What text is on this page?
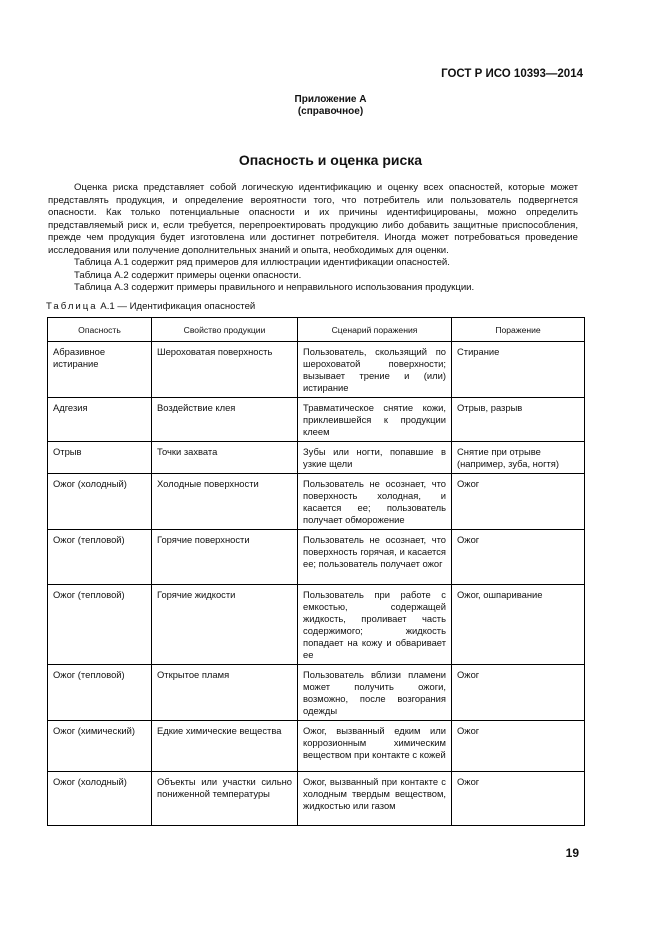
ГОСТ Р ИСО 10393—2014
Приложение А
(справочное)
Опасность и оценка риска

Оценка риска представляет собой логическую идентификацию и оценку всех опасностей, которые может представлять продукция, и определение вероятности того, что потребитель или пользователь подвергнется опасности. Как только потенциальные опасности и их причины идентифицированы, можно определить представляемый риск и, если требуется, перепроектировать продукцию либо добавить защитные приспособления, прежде чем продукция будет изготовлена или достигнет потребителя. Иногда может потребоваться проведение исследования или получение дополнительных знаний и опыта, необходимых для оценки.

Таблица А.1 содержит ряд примеров для иллюстрации идентификации опасностей.

Таблица А.2 содержит примеры оценки опасности.

Таблица А.3 содержит примеры правильного и неправильного использования продукции.

Таблица А.1 — Идентификация опасностей
Опасность	Свойство продукции	Сценарий поражения	Поражение
Абразивное истирание	Шероховатая поверхность	Пользователь, скользящий по шероховатой поверхности; вызывает трение и (или) истирание	Стирание
Адгезия	Воздействие клея	Травматическое снятие кожи, приклеившейся к продукции клеем	Отрыв, разрыв
Отрыв	Точки захвата	Зубы или ногти, попавшие в узкие щели	Снятие при отрыве (например, зуба, ногтя)
Ожог (холодный)	Холодные поверхности	Пользователь не осознает, что поверхность холодная, и касается ее; пользователь получает обморожение	Ожог
Ожог (тепловой)	Горячие поверхности	Пользователь не осознает, что поверхность горячая, и касается ее; пользователь получает ожог	Ожог
Ожог (тепловой)	Горячие жидкости	Пользователь при работе с емкостью, содержащей жидкость, проливает часть содержимого; жидкость попадает на кожу и обваривает ее	Ожог, ошпаривание
Ожог (тепловой)	Открытое пламя	Пользователь вблизи пламени может получить ожоги, возможно, после возгорания одежды	Ожог
Ожог (химический)	Едкие химические вещества	Ожог, вызванный едким или коррозионным химическим веществом при контакте с кожей	Ожог
Ожог (холодный)	Объекты или участки сильно пониженной температуры	Ожог, вызванный при контакте с холодным твердым веществом, жидкостью или газом	Ожог
19
